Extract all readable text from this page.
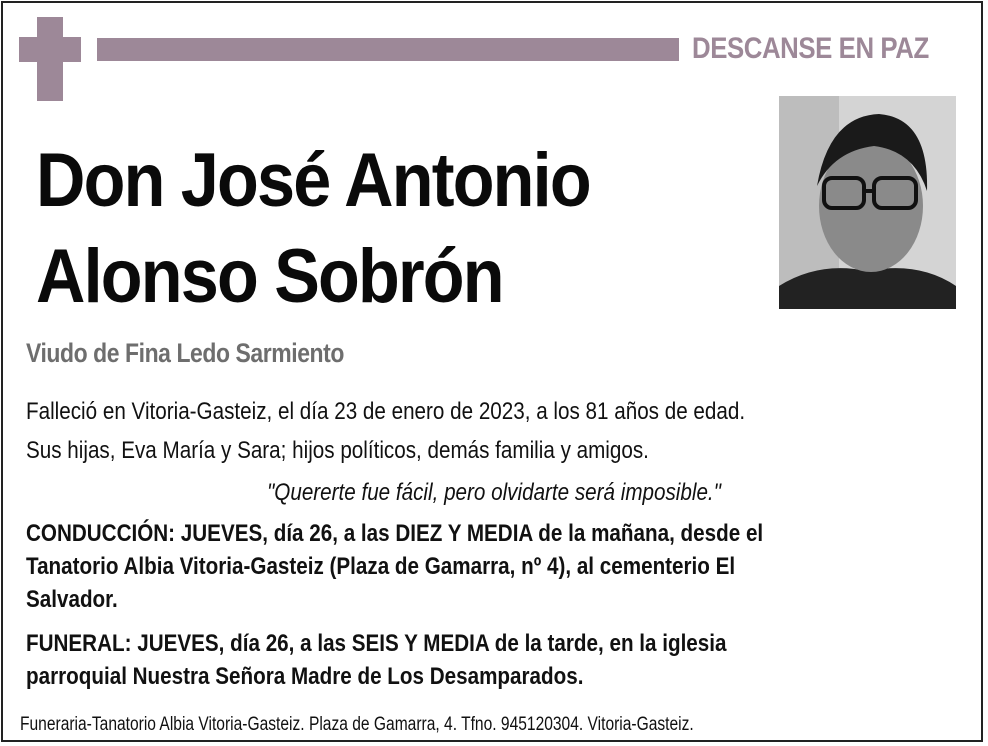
DESCANSE EN PAZ
Don José Antonio
Alonso Sobrón
Viudo de Fina Ledo Sarmiento
Falleció en Vitoria-Gasteiz, el día 23 de enero de 2023, a los 81 años de edad.
Sus hijas, Eva María y Sara; hijos políticos, demás familia y amigos.
"Quererte fue fácil, pero olvidarte será imposible."
CONDUCCIÓN: JUEVES, día 26, a las DIEZ Y MEDIA de la mañana, desde el
Tanatorio Albia Vitoria-Gasteiz (Plaza de Gamarra, nº 4), al cementerio El
Salvador.
FUNERAL: JUEVES, día 26, a las SEIS Y MEDIA de la tarde, en la iglesia
parroquial Nuestra Señora Madre de Los Desamparados.
Funeraria-Tanatorio Albia Vitoria-Gasteiz. Plaza de Gamarra, 4. Tfno. 945120304. Vitoria-Gasteiz.
